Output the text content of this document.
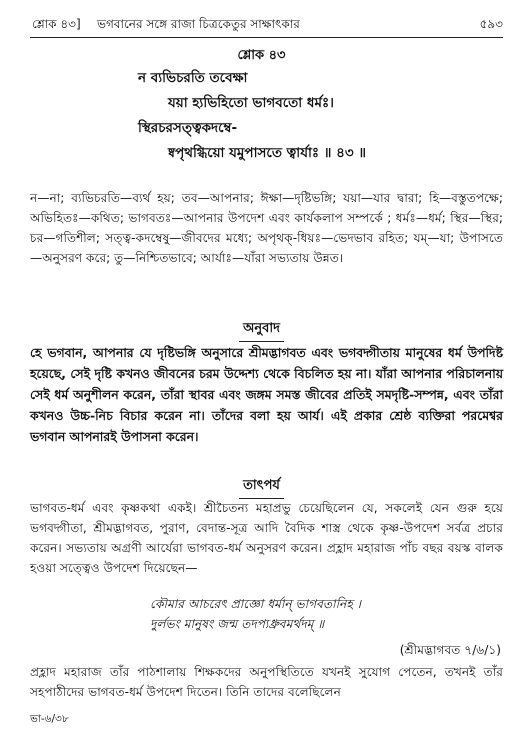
শ্লোক ৪৩] ভগবানের সঙ্গে রাজা চিত্রকেতুর সাক্ষাৎকার	৫৯৩
শ্লোক ৪৩
ন ব্যভিচরতি তবেক্ষা
যয়া হ্যভিহিতো ভাগবতো ধর্মঃ।
স্থিরচরসত্ত্বকদম্বে-
ষ্বপৃথগ্ধিয়ো যমুপাসতে ত্বার্যাঃ ॥ ৪৩ ॥
ন—না; ব্যভিচরতি—ব্যর্থ হয়; তব—আপনার; ঈক্ষা—দৃষ্টিভঙ্গি; যয়া—যার দ্বারা; হি—বস্তুতপক্ষে; অভিহিতঃ—কথিত; ভাগবতঃ—আপনার উপদেশ এবং কার্যকলাপ সম্পর্কে ; ধর্মঃ—ধর্ম; স্থির—স্থির; চর—গতিশীল; সত্ত্ব-কদম্বেষু—জীবদের মধ্যে; অপৃথক্-ধিয়ঃ—ভেদভাব রহিত; যম্—যা; উপাসতে—অনুসরণ করে; তু—নিশ্চিতভাবে; আর্যাঃ—যাঁরা সভ্যতায় উন্নত।
অনুবাদ
হে ভগবান, আপনার যে দৃষ্টিভঙ্গি অনুসারে শ্রীমদ্ভাগবত এবং ভগবদ্গীতায় মানুষের ধর্ম উপদিষ্ট হয়েছে, সেই দৃষ্টি কখনও জীবনের চরম উদ্দেশ্য থেকে বিচলিত হয় না। যাঁরা আপনার পরিচালনায় সেই ধর্ম অনুশীলন করেন, তাঁরা স্থাবর এবং জঙ্গম সমস্ত জীবের প্রতিই সমদৃষ্টি-সম্পন্ন, এবং তাঁরা কখনও উচ্চ-নিচ বিচার করেন না। তাঁদের বলা হয় আর্য। এই প্রকার শ্রেষ্ঠ ব্যক্তিরা পরমেশ্বর ভগবান আপনারই উপাসনা করেন।
তাৎপর্য
ভাগবত-ধর্ম এবং কৃষ্ণকথা একই। শ্রীচৈতন্য মহাপ্রভু চেয়েছিলেন যে, সকলেই যেন গুরু হয়ে ভগবদ্গীতা, শ্রীমদ্ভাগবত, পুরাণ, বেদান্ত-সূত্র আদি বৈদিক শাস্ত্র থেকে কৃষ্ণ-উপদেশ সর্বত্র প্রচার করেন। সভ্যতায় অগ্রণী আর্যেরা ভাগবত-ধর্ম অনুসরণ করেন। প্রহ্লাদ মহারাজ পাঁচ বছর বয়স্ক বালক হওয়া সত্ত্বেও উপদেশ দিয়েছেন—
কৌমার আচরেৎ প্রাজ্ঞো ধর্মান্ ভাগবতানিহ ।
দুর্লভং মানুষং জন্ম তদপ্যধ্রুবমর্থদম্ ॥
(শ্রীমদ্ভাগবত ৭/৬/১)
প্রহ্লাদ মহারাজ তাঁর পাঠশালায় শিক্ষকদের অনুপস্থিতিতে যখনই সুযোগ পেতেন, তখনই তাঁর সহপাঠীদের ভাগবত-ধর্ম উপদেশ দিতেন। তিনি তাদের বলেছিলেন
ভা-৬/৩৮
